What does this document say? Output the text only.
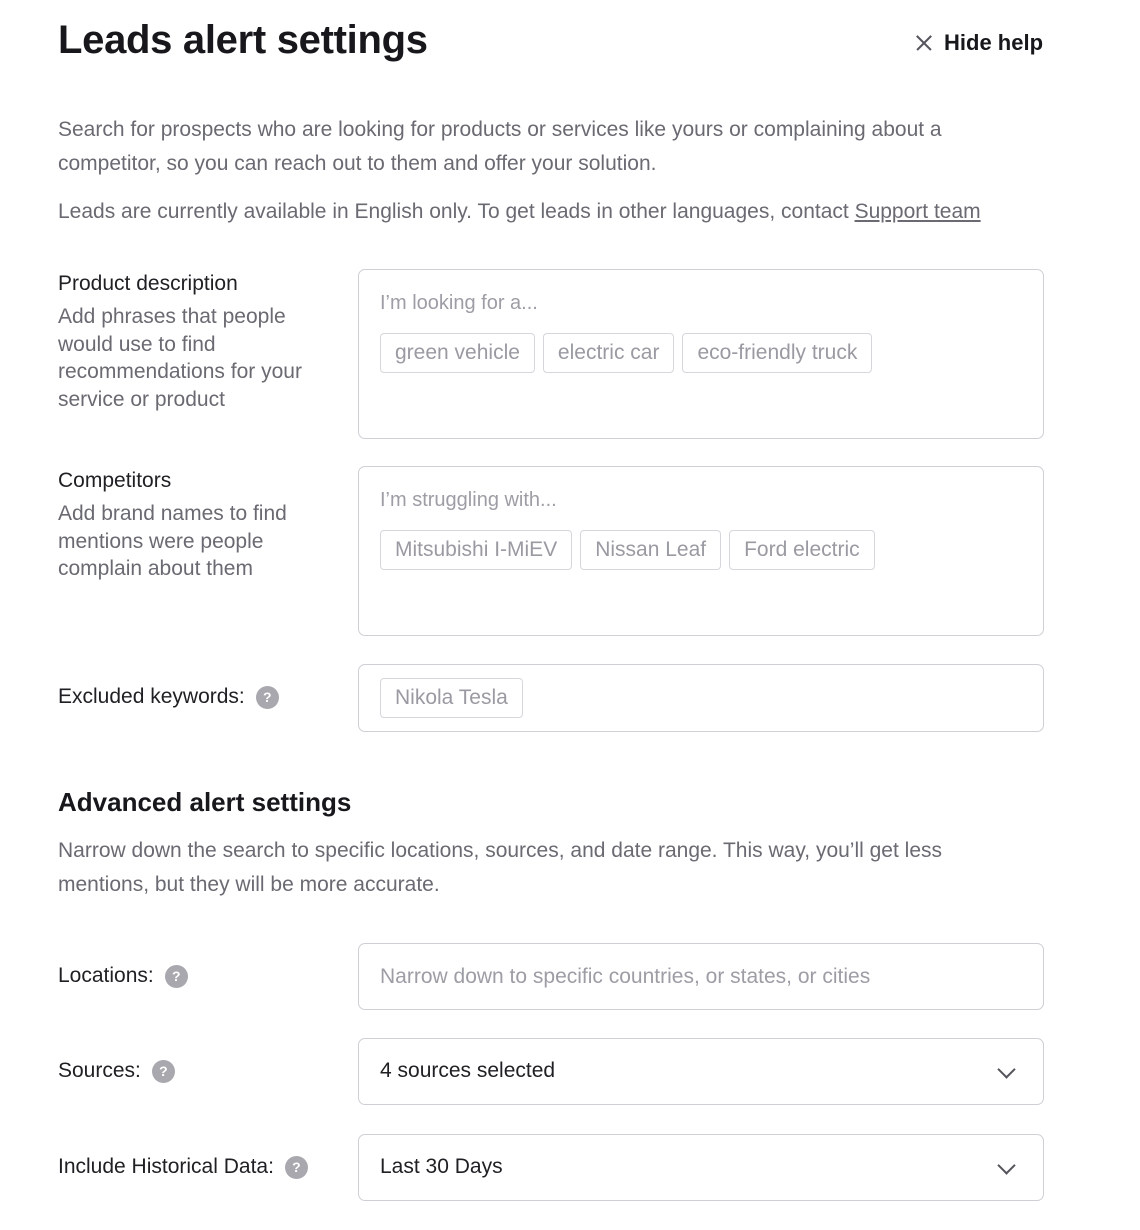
Leads alert settings	Hide help

Search for prospects who are looking for products or services like yours or complaining about a competitor, so you can reach out to them and offer your solution.

Leads are currently available in English only. To get leads in other languages, contact Support team

Product description
Add phrases that people would use to find recommendations for your service or product
I’m looking for a...
green vehicle	electric car	eco-friendly truck
Competitors
Add brand names to find mentions were people complain about them
I’m struggling with...
Mitsubishi I-MiEV	Nissan Leaf	Ford electric
Excluded keywords:	?	Nikola Tesla
Advanced alert settings

Narrow down the search to specific locations, sources, and date range. This way, you’ll get less mentions, but they will be more accurate.

Locations:	?
Narrow down to specific countries, or states, or cities
Sources:	?	4 sources selected
Include Historical Data:	?	Last 30 Days
